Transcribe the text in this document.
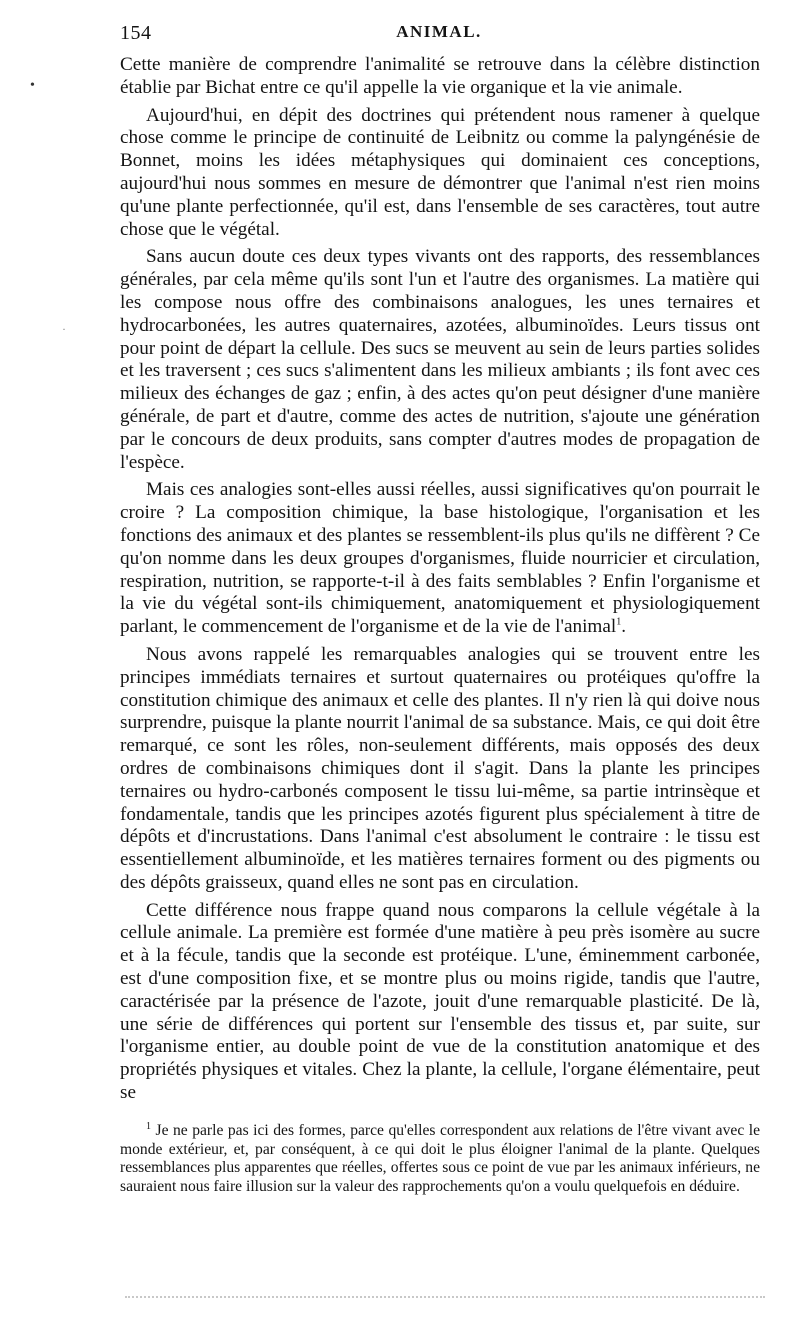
154	ANIMAL.
•
·

Cette manière de comprendre l'animalité se retrouve dans la célèbre distinction établie par Bichat entre ce qu'il appelle la vie organique et la vie animale.

Aujourd'hui, en dépit des doctrines qui prétendent nous ramener à quelque chose comme le principe de continuité de Leibnitz ou comme la palyngénésie de Bonnet, moins les idées métaphysiques qui dominaient ces conceptions, aujourd'hui nous sommes en mesure de démontrer que l'animal n'est rien moins qu'une plante perfectionnée, qu'il est, dans l'ensemble de ses caractères, tout autre chose que le végétal.

Sans aucun doute ces deux types vivants ont des rapports, des ressemblances générales, par cela même qu'ils sont l'un et l'autre des organismes. La matière qui les compose nous offre des combinaisons analogues, les unes ternaires et hydrocarbonées, les autres quaternaires, azotées, albuminoïdes. Leurs tissus ont pour point de départ la cellule. Des sucs se meuvent au sein de leurs parties solides et les traversent ; ces sucs s'alimentent dans les milieux ambiants ; ils font avec ces milieux des échanges de gaz ; enfin, à des actes qu'on peut désigner d'une manière générale, de part et d'autre, comme des actes de nutrition, s'ajoute une génération par le concours de deux produits, sans compter d'autres modes de propagation de l'espèce.

Mais ces analogies sont-elles aussi réelles, aussi significatives qu'on pourrait le croire ? La composition chimique, la base histologique, l'organisation et les fonctions des animaux et des plantes se ressemblent-ils plus qu'ils ne diffèrent ? Ce qu'on nomme dans les deux groupes d'organismes, fluide nourricier et circulation, respiration, nutrition, se rapporte-t-il à des faits semblables ? Enfin l'organisme et la vie du végétal sont-ils chimiquement, anatomiquement et physiologiquement parlant, le commencement de l'organisme et de la vie de l'animal$^1$.

Nous avons rappelé les remarquables analogies qui se trouvent entre les principes immédiats ternaires et surtout quaternaires ou protéiques qu'offre la constitution chimique des animaux et celle des plantes. Il n'y rien là qui doive nous surprendre, puisque la plante nourrit l'animal de sa substance. Mais, ce qui doit être remarqué, ce sont les rôles, non-seulement différents, mais opposés des deux ordres de combinaisons chimiques dont il s'agit. Dans la plante les principes ternaires ou hydro-carbonés composent le tissu lui-même, sa partie intrinsèque et fondamentale, tandis que les principes azotés figurent plus spécialement à titre de dépôts et d'incrustations. Dans l'animal c'est absolument le contraire : le tissu est essentiellement albuminoïde, et les matières ternaires forment ou des pigments ou des dépôts graisseux, quand elles ne sont pas en circulation.

Cette différence nous frappe quand nous comparons la cellule végétale à la cellule animale. La première est formée d'une matière à peu près isomère au sucre et à la fécule, tandis que la seconde est protéique. L'une, éminemment carbonée, est d'une composition fixe, et se montre plus ou moins rigide, tandis que l'autre, caractérisée par la présence de l'azote, jouit d'une remarquable plasticité. De là, une série de différences qui portent sur l'ensemble des tissus et, par suite, sur l'organisme entier, au double point de vue de la constitution anatomique et des propriétés physiques et vitales. Chez la plante, la cellule, l'organe élémentaire, peut se

$^1$ Je ne parle pas ici des formes, parce qu'elles correspondent aux relations de l'être vivant avec le monde extérieur, et, par conséquent, à ce qui doit le plus éloigner l'animal de la plante. Quelques ressemblances plus apparentes que réelles, offertes sous ce point de vue par les animaux inférieurs, ne sauraient nous faire illusion sur la valeur des rapprochements qu'on a voulu quelquefois en déduire.
